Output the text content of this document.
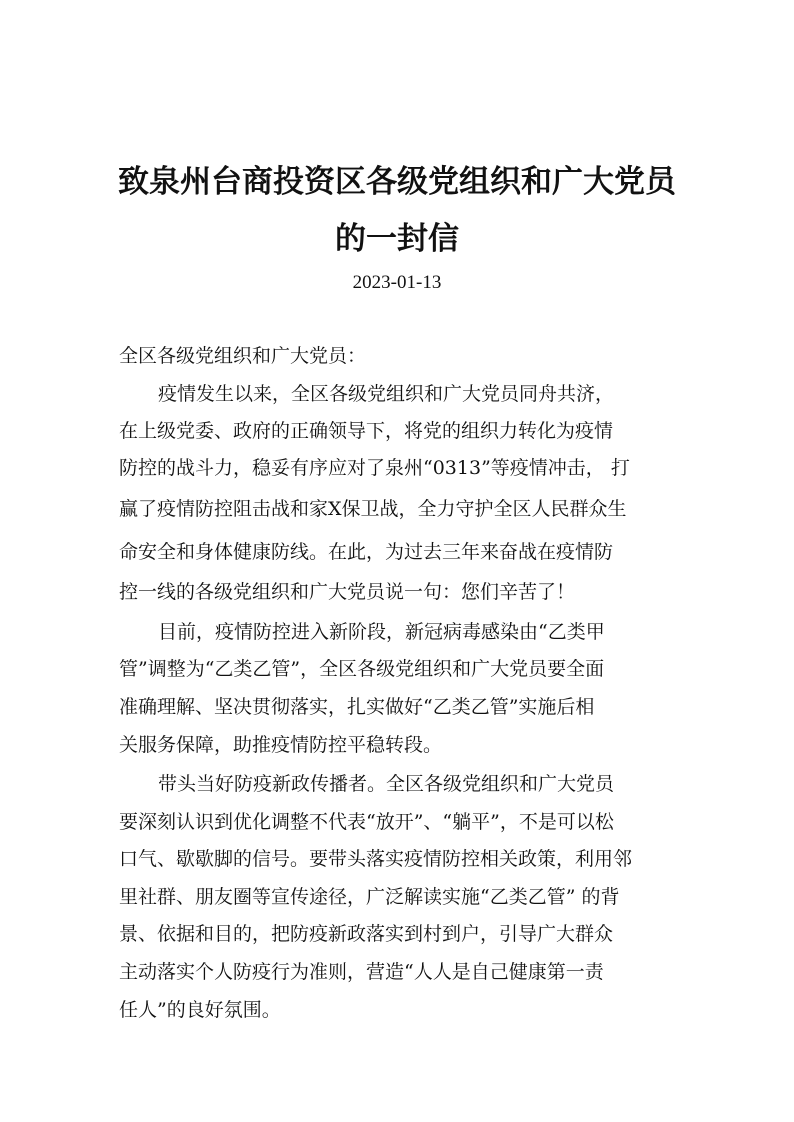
致泉州台商投资区各级党组织和广大党员
的一封信
2023-01-13
全区各级党组织和广大党员：
疫情发生以来，全区各级党组织和广大党员同舟共济，
在上级党委、政府的正确领导下，将党的组织力转化为疫情
防控的战斗力，稳妥有序应对了泉州“0313”等疫情冲击， 打
赢了疫情防控阻击战和家X保卫战，全力守护全区人民群众生
命安全和身体健康防线。在此，为过去三年来奋战在疫情防
控一线的各级党组织和广大党员说一句：您们辛苦了！
目前，疫情防控进入新阶段，新冠病毒感染由“乙类甲
管”调整为“乙类乙管”，全区各级党组织和广大党员要全面
准确理解、坚决贯彻落实，扎实做好“乙类乙管”实施后相
关服务保障，助推疫情防控平稳转段。
带头当好防疫新政传播者。全区各级党组织和广大党员
要深刻认识到优化调整不代表“放开”、“躺平”，不是可以松
口气、歇歇脚的信号。要带头落实疫情防控相关政策，利用邻
里社群、朋友圈等宣传途径，广泛解读实施“乙类乙管” 的背
景、依据和目的，把防疫新政落实到村到户，引导广大群众
主动落实个人防疫行为准则，营造“人人是自己健康第一责
任人”的良好氛围。
